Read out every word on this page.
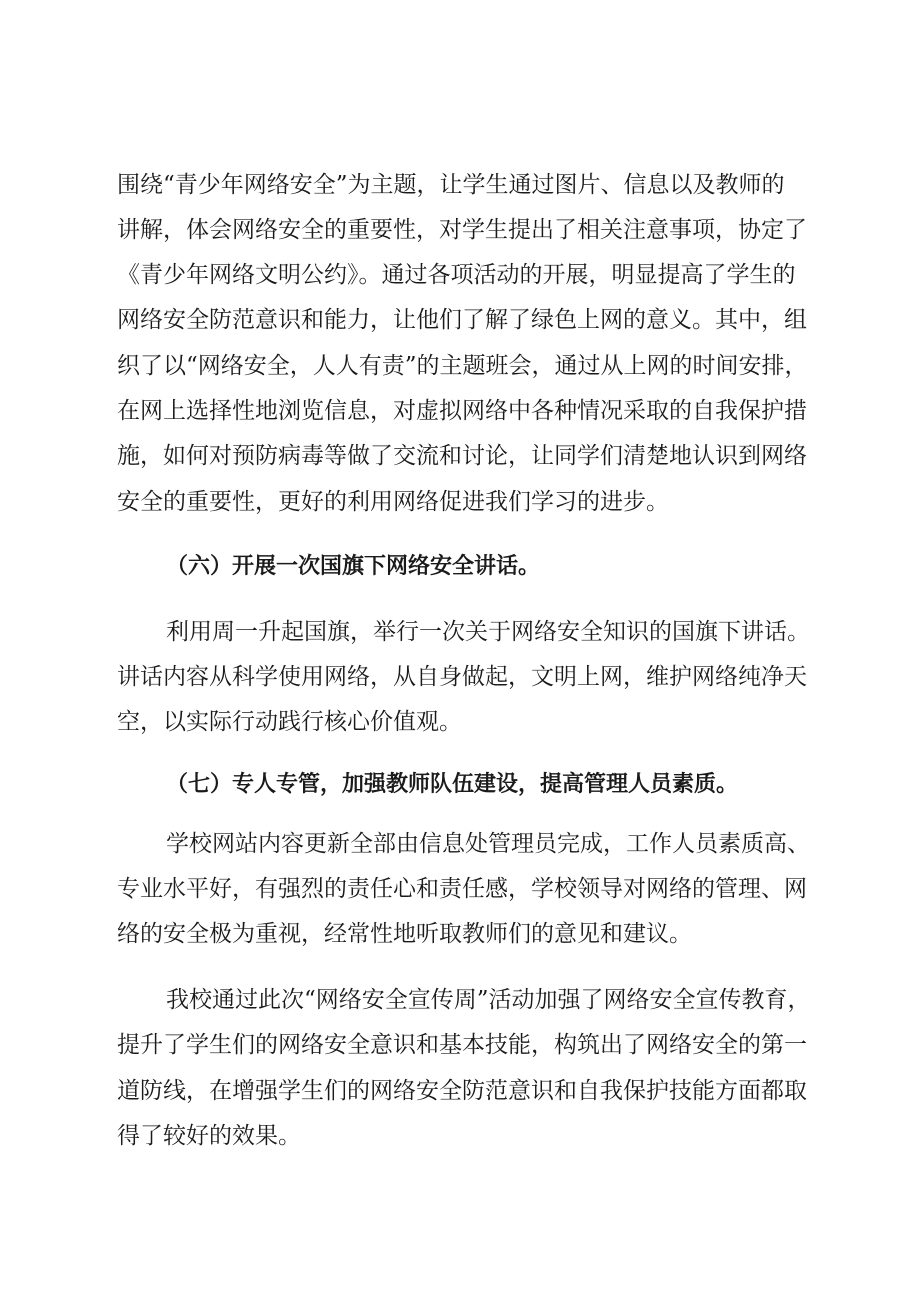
围绕“青少年网络安全”为主题，让学生通过图片、信息以及教师的
讲解，体会网络安全的重要性，对学生提出了相关注意事项，协定了
《青少年网络文明公约》。通过各项活动的开展，明显提高了学生的
网络安全防范意识和能力，让他们了解了绿色上网的意义。其中，组
织了以“网络安全，人人有责”的主题班会，通过从上网的时间安排，
在网上选择性地浏览信息，对虚拟网络中各种情况采取的自我保护措
施，如何对预防病毒等做了交流和讨论，让同学们清楚地认识到网络
安全的重要性，更好的利用网络促进我们学习的进步。
（六）开展一次国旗下网络安全讲话。
利用周一升起国旗，举行一次关于网络安全知识的国旗下讲话。
讲话内容从科学使用网络，从自身做起，文明上网，维护网络纯净天
空，以实际行动践行核心价值观。
（七）专人专管，加强教师队伍建设，提高管理人员素质。
学校网站内容更新全部由信息处管理员完成，工作人员素质高、
专业水平好，有强烈的责任心和责任感，学校领导对网络的管理、网
络的安全极为重视，经常性地听取教师们的意见和建议。
我校通过此次“网络安全宣传周”活动加强了网络安全宣传教育，
提升了学生们的网络安全意识和基本技能，构筑出了网络安全的第一
道防线，在增强学生们的网络安全防范意识和自我保护技能方面都取
得了较好的效果。
